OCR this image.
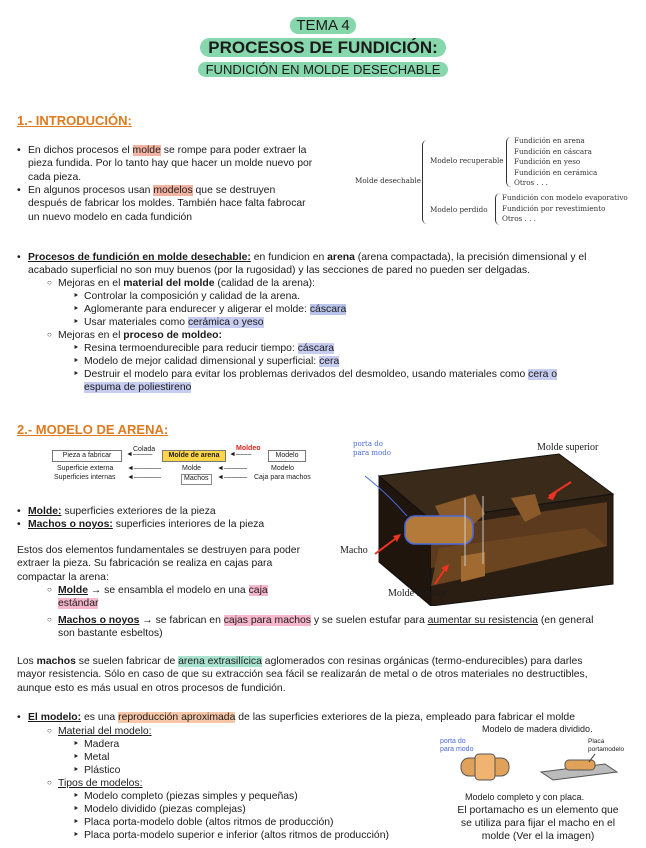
TEMA 4
PROCESOS DE FUNDICIÓN:
FUNDICIÓN EN MOLDE DESECHABLE
1.- INTRODUCIÓN:
• En dichos procesos el molde se rompe para poder extraer la
pieza fundida. Por lo tanto hay que hacer un molde nuevo por
cada pieza.
• En algunos procesos usan modelos que se destruyen
después de fabricar los moldes. También hace falta fabrocar
un nuevo modelo en cada fundición
Molde desechable
Modelo recuperable
Fundición en arena
Fundición en cáscara
Fundición en yeso
Fundición en cerámica
Otros . . .
Modelo perdido
Fundición con modelo evaporativo
Fundición por revestimiento
Otros . . .
• Procesos de fundición en molde desechable: en fundicion en arena (arena compactada), la precisión dimensional y el
acabado superficial no son muy buenos (por la rugosidad) y las secciones de pared no pueden ser delgadas.
○ Mejoras en el material del molde (calidad de la arena):
‣ Controlar la composición y calidad de la arena.
‣ Aglomerante para endurecer y aligerar el molde: cáscara
‣ Usar materiales como cerámica o yeso
○ Mejoras en el proceso de moldeo:
‣ Resina termoendurecible para reducir tiempo: cáscara
‣ Modelo de mejor calidad dimensional y superficial: cera
‣ Destruir el modelo para evitar los problemas derivados del desmoldeo, usando materiales como cera o
espuma de poliestireno
2.- MODELO DE ARENA:
Colada	Moldeo
Pieza a fabricar	Molde de arena	Modelo
◄–––––	◄––––
Superficie externa
Superficies internas
◄–––––––
◄–––––––
Molde
Machos
◄––––––
◄––––––
Modelo
Caja para machos
porta do
para modo	Molde superior
Macho
Molde inferior
• Molde: superficies exteriores de la pieza
• Machos o noyos: superficies interiores de la pieza
Estos dos elementos fundamentales se destruyen para poder
extraer la pieza. Su fabricación se realiza en cajas para
compactar la arena:
○ Molde → se ensambla el modelo en una caja
estándar
○ Machos o noyos → se fabrican en cajas para machos y se suelen estufar para aumentar su resistencia (en general
son bastante esbeltos)
Los machos se suelen fabricar de arena extrasilícica aglomerados con resinas orgánicas (termo-endurecibles) para darles
mayor resistencia. Sólo en caso de que su extracción sea fácil se realizarán de metal o de otros materiales no destructibles,
aunque esto es más usual en otros procesos de fundición.
• El modelo: es una reproducción aproximada de las superficies exteriores de la pieza, empleado para fabricar el molde
○ Material del modelo:
‣ Madera
‣ Metal
‣ Plástico
○ Tipos de modelos:
‣ Modelo completo (piezas simples y pequeñas)
‣ Modelo dividido (piezas complejas)
‣ Placa porta-modelo doble (altos ritmos de producción)
‣ Placa porta-modelo superior e inferior (altos ritmos de producción)
Modelo de madera dividido.
porta do
para modo
Placa
portamodelo
Modelo completo y con placa.
El portamacho es un elemento que
se utiliza para fijar el macho en el
molde (Ver el la imagen)
